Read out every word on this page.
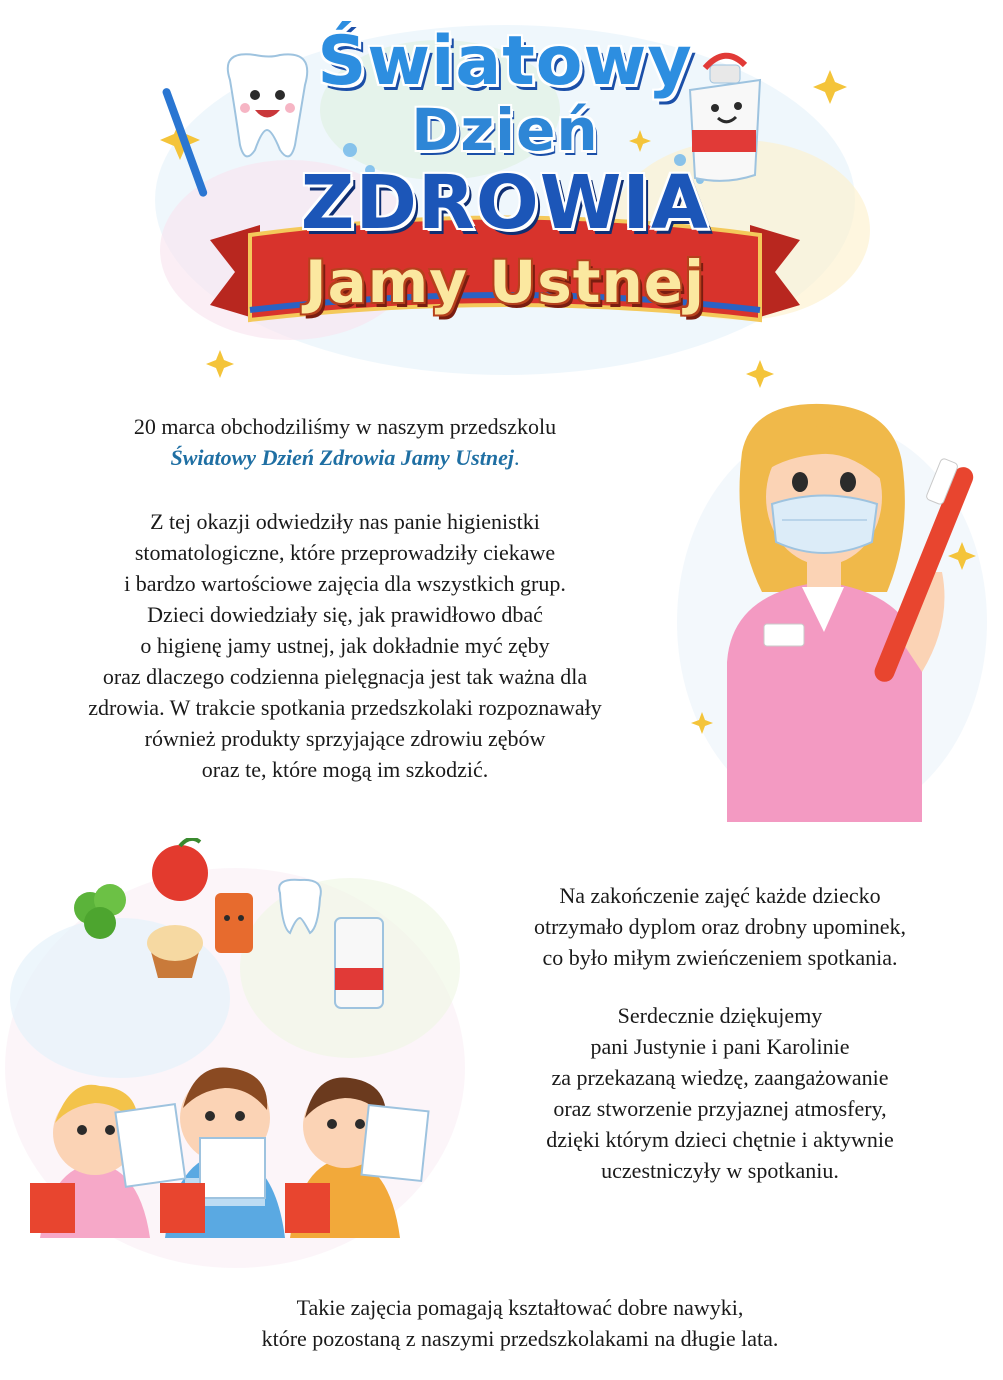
Światowy
Dzień
ZDROWIA
Jamy Ustnej

20 marca obchodziliśmy w naszym przedszkolu
Światowy Dzień Zdrowia Jamy Ustnej.

Z tej okazji odwiedziły nas panie higienistki
stomatologiczne, które przeprowadziły ciekawe
i bardzo wartościowe zajęcia dla wszystkich grup.
Dzieci dowiedziały się, jak prawidłowo dbać
o higienę jamy ustnej, jak dokładnie myć zęby
oraz dlaczego codzienna pielęgnacja jest tak ważna dla
zdrowia. W trakcie spotkania przedszkolaki rozpoznawały
również produkty sprzyjające zdrowiu zębów
oraz te, które mogą im szkodzić.

Na zakończenie zajęć każde dziecko
otrzymało dyplom oraz drobny upominek,
co było miłym zwieńczeniem spotkania.

Serdecznie dziękujemy
pani Justynie i pani Karolinie
za przekazaną wiedzę, zaangażowanie
oraz stworzenie przyjaznej atmosfery,
dzięki którym dzieci chętnie i aktywnie
uczestniczyły w spotkaniu.

Takie zajęcia pomagają kształtować dobre nawyki,
które pozostaną z naszymi przedszkolakami na długie lata.
